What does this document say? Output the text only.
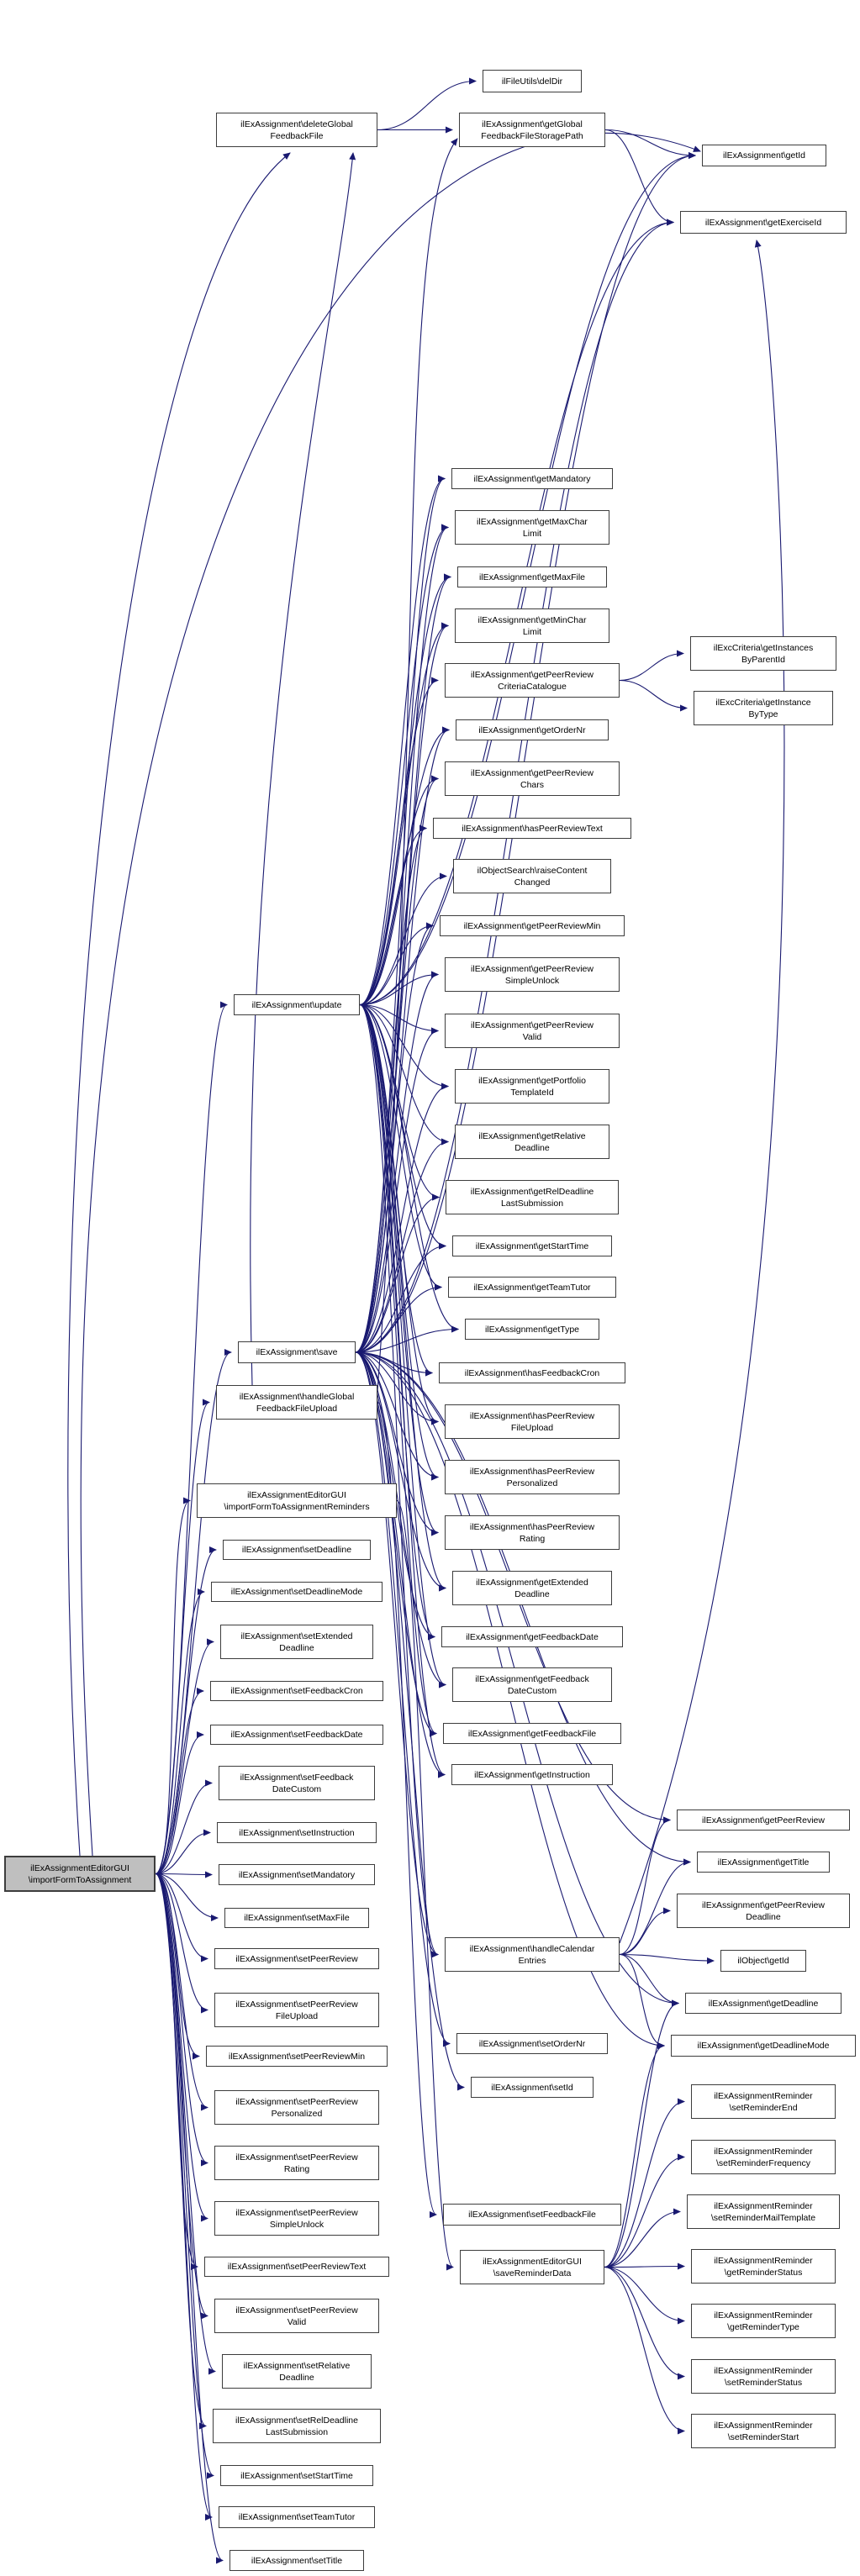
ilExAssignmentEditorGUI
\importFormToAssignment
ilExAssignment\deleteGlobal
FeedbackFile
ilExAssignment\update
ilExAssignment\save
ilExAssignment\handleGlobal
FeedbackFileUpload
ilExAssignmentEditorGUI
\importFormToAssignmentReminders
ilExAssignment\setDeadline
ilExAssignment\setDeadlineMode
ilExAssignment\setExtended
Deadline
ilExAssignment\setFeedbackCron
ilExAssignment\setFeedbackDate
ilExAssignment\setFeedback
DateCustom
ilExAssignment\setInstruction
ilExAssignment\setMandatory
ilExAssignment\setMaxFile
ilExAssignment\setPeerReview
ilExAssignment\setPeerReview
FileUpload
ilExAssignment\setPeerReviewMin
ilExAssignment\setPeerReview
Personalized
ilExAssignment\setPeerReview
Rating
ilExAssignment\setPeerReview
SimpleUnlock
ilExAssignment\setPeerReviewText
ilExAssignment\setPeerReview
Valid
ilExAssignment\setRelative
Deadline
ilExAssignment\setRelDeadline
LastSubmission
ilExAssignment\setStartTime
ilExAssignment\setTeamTutor
ilExAssignment\setTitle
ilFileUtils\delDir
ilExAssignment\getGlobal
FeedbackFileStoragePath
ilExAssignment\getMandatory
ilExAssignment\getMaxChar
Limit
ilExAssignment\getMaxFile
ilExAssignment\getMinChar
Limit
ilExAssignment\getPeerReview
CriteriaCatalogue
ilExAssignment\getOrderNr
ilExAssignment\getPeerReview
Chars
ilExAssignment\hasPeerReviewText
ilObjectSearch\raiseContent
Changed
ilExAssignment\getPeerReviewMin
ilExAssignment\getPeerReview
SimpleUnlock
ilExAssignment\getPeerReview
Valid
ilExAssignment\getPortfolio
TemplateId
ilExAssignment\getRelative
Deadline
ilExAssignment\getRelDeadline
LastSubmission
ilExAssignment\getStartTime
ilExAssignment\getTeamTutor
ilExAssignment\getType
ilExAssignment\hasFeedbackCron
ilExAssignment\hasPeerReview
FileUpload
ilExAssignment\hasPeerReview
Personalized
ilExAssignment\hasPeerReview
Rating
ilExAssignment\getExtended
Deadline
ilExAssignment\getFeedbackDate
ilExAssignment\getFeedback
DateCustom
ilExAssignment\getFeedbackFile
ilExAssignment\getInstruction
ilExAssignment\handleCalendar
Entries
ilExAssignment\setOrderNr
ilExAssignment\setId
ilExAssignment\setFeedbackFile
ilExAssignmentEditorGUI
\saveReminderData
ilExAssignment\getId
ilExAssignment\getExerciseId
ilExcCriteria\getInstances
ByParentId
ilExcCriteria\getInstance
ByType
ilExAssignment\getPeerReview
ilExAssignment\getTitle
ilExAssignment\getPeerReview
Deadline
ilObject\getId
ilExAssignment\getDeadline
ilExAssignment\getDeadlineMode
ilExAssignmentReminder
\setReminderEnd
ilExAssignmentReminder
\setReminderFrequency
ilExAssignmentReminder
\setReminderMailTemplate
ilExAssignmentReminder
\getReminderStatus
ilExAssignmentReminder
\getReminderType
ilExAssignmentReminder
\setReminderStatus
ilExAssignmentReminder
\setReminderStart
